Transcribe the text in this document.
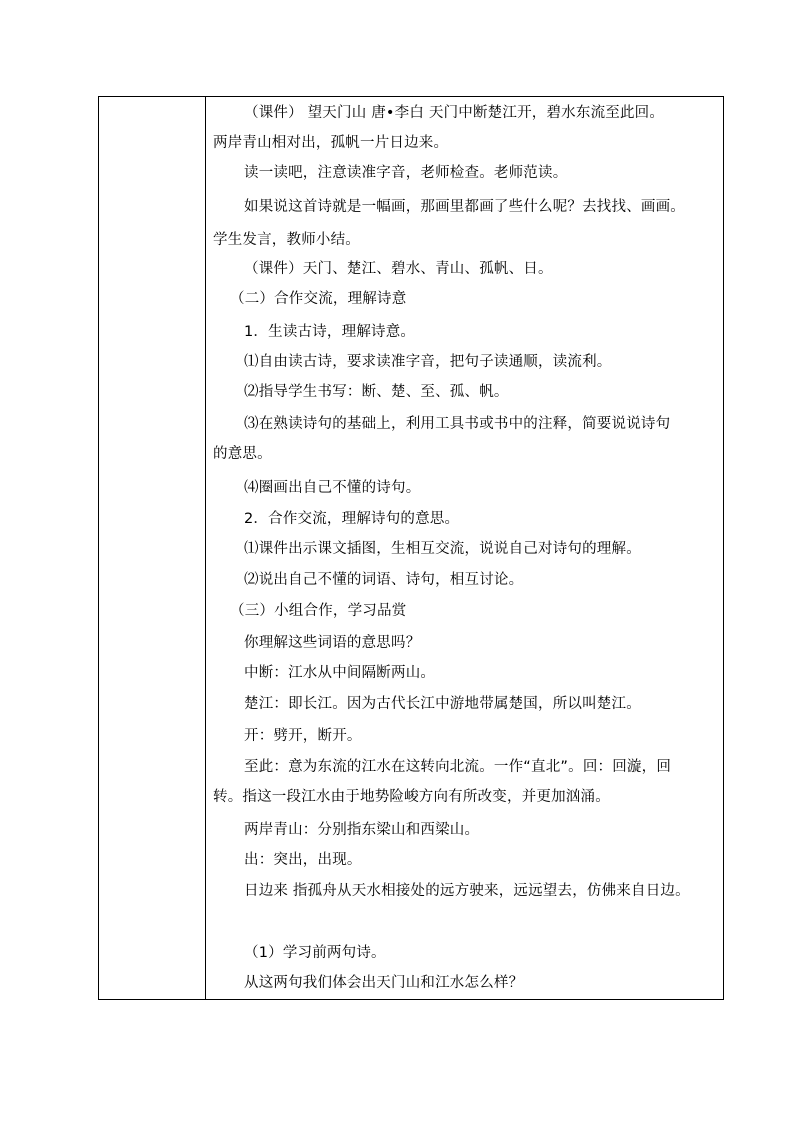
（课件） 望天门山 唐•李白 天门中断楚江开，碧水东流至此回。
两岸青山相对出，孤帆一片日边来。
读一读吧，注意读准字音，老师检查。老师范读。
如果说这首诗就是一幅画，那画里都画了些什么呢？去找找、画画。
学生发言，教师小结。
（课件）天门、楚江、碧水、青山、孤帆、日。
（二）合作交流，理解诗意
1．生读古诗，理解诗意。
⑴自由读古诗，要求读准字音，把句子读通顺，读流利。
⑵指导学生书写：断、楚、至、孤、帆。
⑶在熟读诗句的基础上，利用工具书或书中的注释，简要说说诗句
的意思。
⑷圈画出自己不懂的诗句。
2．合作交流，理解诗句的意思。
⑴课件出示课文插图，生相互交流，说说自己对诗句的理解。
⑵说出自己不懂的词语、诗句，相互讨论。
（三）小组合作，学习品赏
你理解这些词语的意思吗？
中断：江水从中间隔断两山。
楚江：即长江。因为古代长江中游地带属楚国，所以叫楚江。
开：劈开，断开。
至此：意为东流的江水在这转向北流。一作“直北”。回：回漩，回
转。指这一段江水由于地势险峻方向有所改变，并更加汹涌。
两岸青山：分别指东梁山和西梁山。
出：突出，出现。
日边来 指孤舟从天水相接处的远方驶来，远远望去，仿佛来自日边。
（1）学习前两句诗。
从这两句我们体会出天门山和江水怎么样？
